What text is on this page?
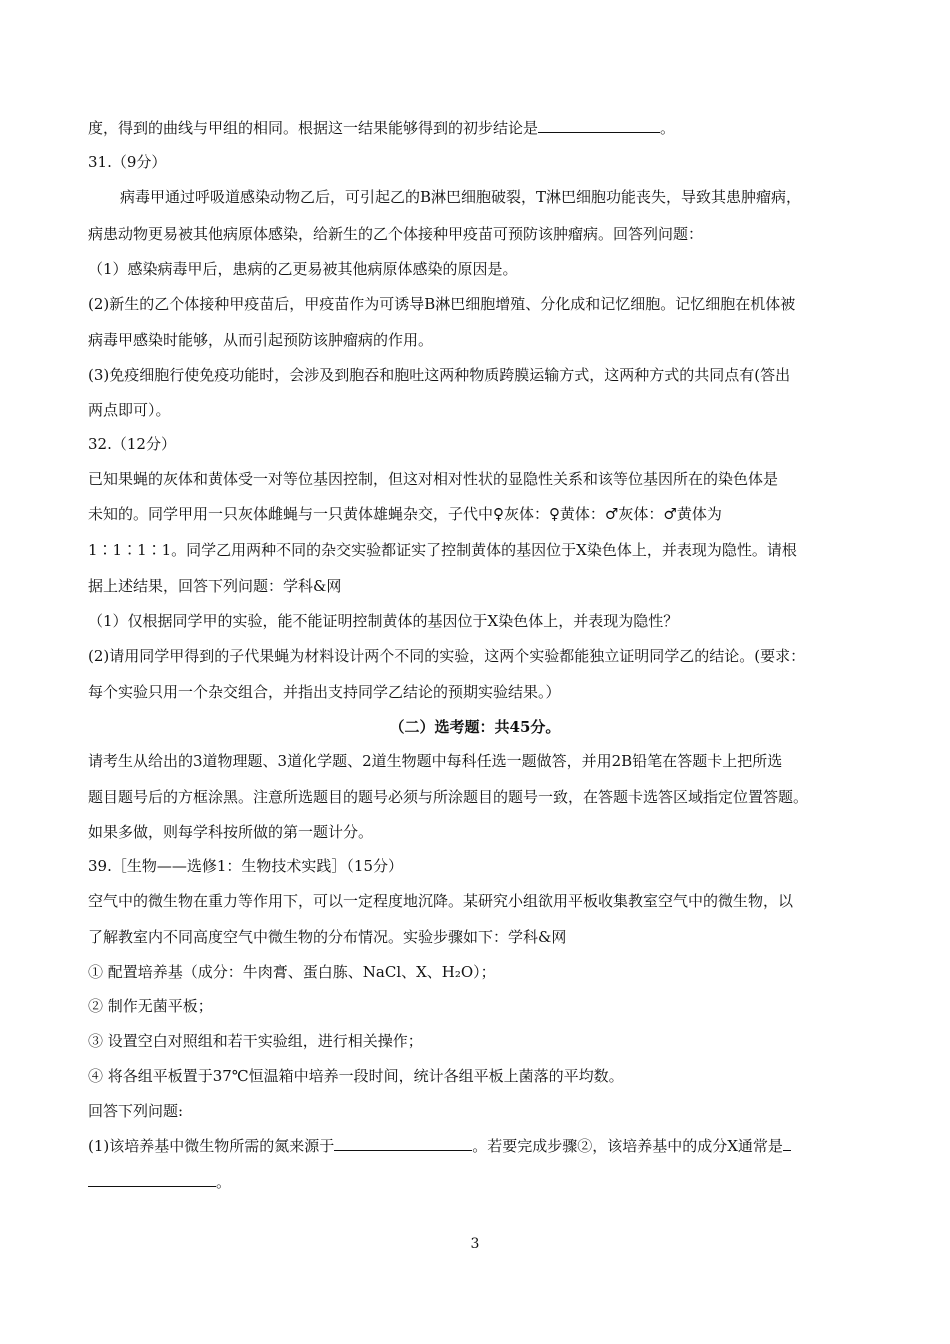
度，得到的曲线与甲组的相同。根据这一结果能够得到的初步结论是	。
31.（9分）
病毒甲通过呼吸道感染动物乙后，可引起乙的B淋巴细胞破裂，T淋巴细胞功能丧失，导致其患肿瘤病，
病患动物更易被其他病原体感染，给新生的乙个体接种甲疫苗可预防该肿瘤病。回答列问题：
（1）感染病毒甲后，患病的乙更易被其他病原体感染的原因是。
(2)新生的乙个体接种甲疫苗后，甲疫苗作为可诱导B淋巴细胞增殖、分化成和记忆细胞。记忆细胞在机体被
病毒甲感染时能够，从而引起预防该肿瘤病的作用。
(3)免疫细胞行使免疫功能时，会涉及到胞吞和胞吐这两种物质跨膜运输方式，这两种方式的共同点有(答出
两点即可）。
32.（12分）
已知果蝇的灰体和黄体受一对等位基因控制，但这对相对性状的显隐性关系和该等位基因所在的染色体是
未知的。同学甲用一只灰体雌蝇与一只黄体雄蝇杂交，子代中♀灰体：♀黄体：♂灰体：♂黄体为
1∶1∶1∶1。同学乙用两种不同的杂交实验都证实了控制黄体的基因位于X染色体上，并表现为隐性。请根
据上述结果，回答下列问题：学科&网
（1）仅根据同学甲的实验，能不能证明控制黄体的基因位于X染色体上，并表现为隐性？
(2)请用同学甲得到的子代果蝇为材料设计两个不同的实验，这两个实验都能独立证明同学乙的结论。(要求：
每个实验只用一个杂交组合，并指出支持同学乙结论的预期实验结果。）
（二）选考题：共45分。
请考生从给出的3道物理题、3道化学题、2道生物题中每科任选一题做答，并用2B铅笔在答题卡上把所选
题目题号后的方框涂黑。注意所选题目的题号必须与所涂题目的题号一致，在答题卡选答区域指定位置答题。
如果多做，则每学科按所做的第一题计分。
39.［生物——选修1：生物技术实践］（15分）
空气中的微生物在重力等作用下，可以一定程度地沉降。某研究小组欲用平板收集教室空气中的微生物，以
了解教室内不同高度空气中微生物的分布情况。实验步骤如下：学科&网
① 配置培养基（成分：牛肉膏、蛋白胨、NaCl、X、H₂O）；
② 制作无菌平板；
③ 设置空白对照组和若干实验组，进行相关操作；
④ 将各组平板置于37℃恒温箱中培养一段时间，统计各组平板上菌落的平均数。
回答下列问题:
(1)该培养基中微生物所需的氮来源于	。若要完成步骤②，该培养基中的成分X通常是
。
3
